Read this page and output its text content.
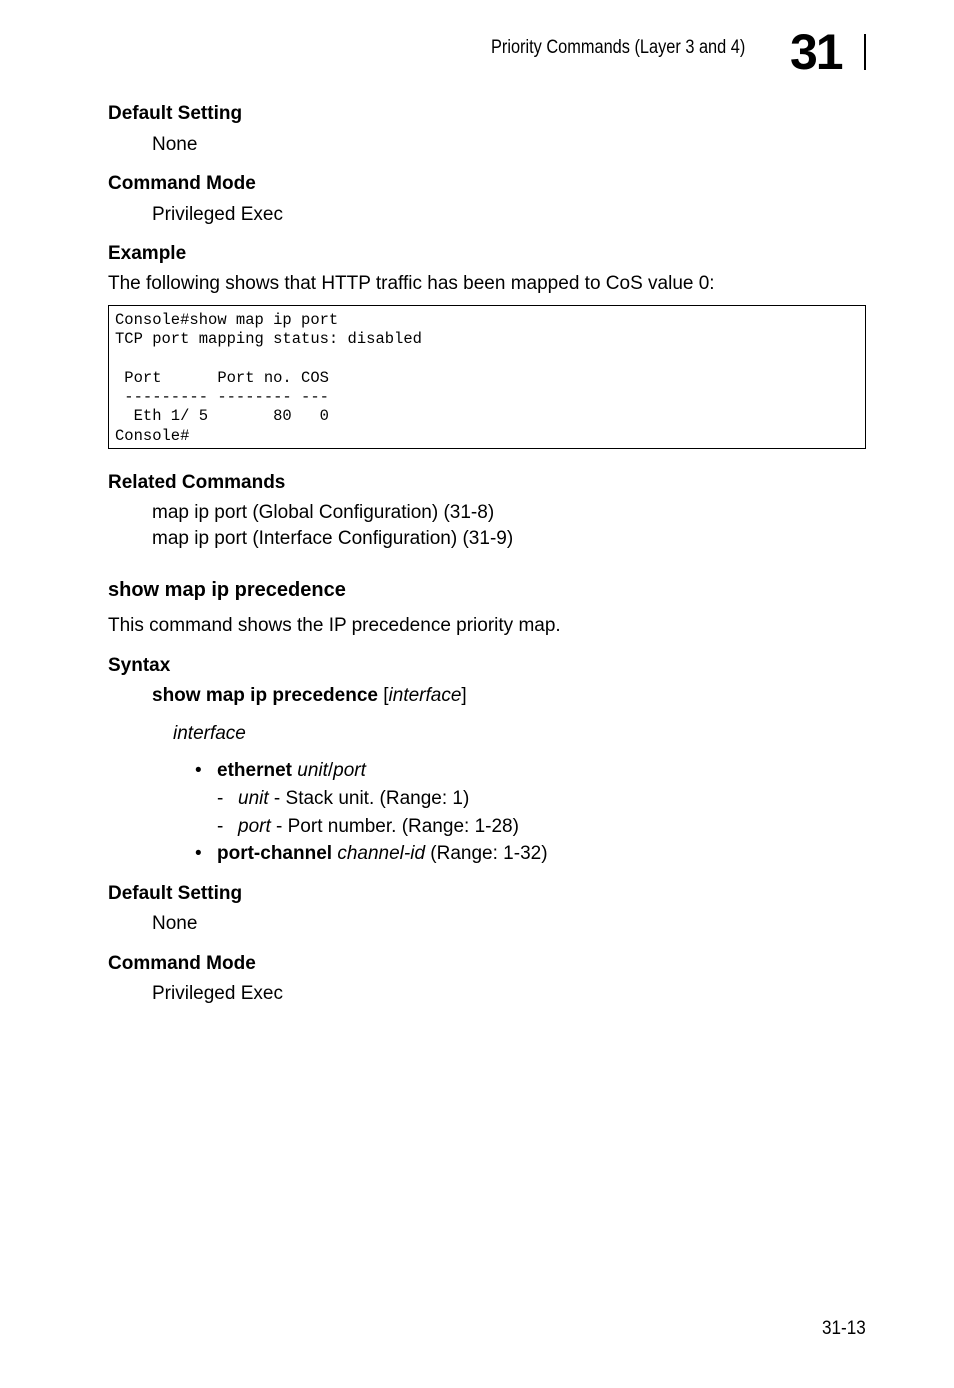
Priority Commands (Layer 3 and 4) 31
Default Setting
None
Command Mode
Privileged Exec
Example
The following shows that HTTP traffic has been mapped to CoS value 0:
Console#show map ip port
TCP port mapping status: disabled

Port      Port no. COS
--------- -------- ---
Eth 1/ 5       80   0
Console#
Related Commands
map ip port (Global Configuration) (31-8)
map ip port (Interface Configuration) (31-9)
show map ip precedence
This command shows the IP precedence priority map.
Syntax
show map ip precedence [interface]
interface
• ethernet unit/port
- unit - Stack unit. (Range: 1)
- port - Port number. (Range: 1-28)
• port-channel channel-id (Range: 1-32)
Default Setting
None
Command Mode
Privileged Exec
31-13
